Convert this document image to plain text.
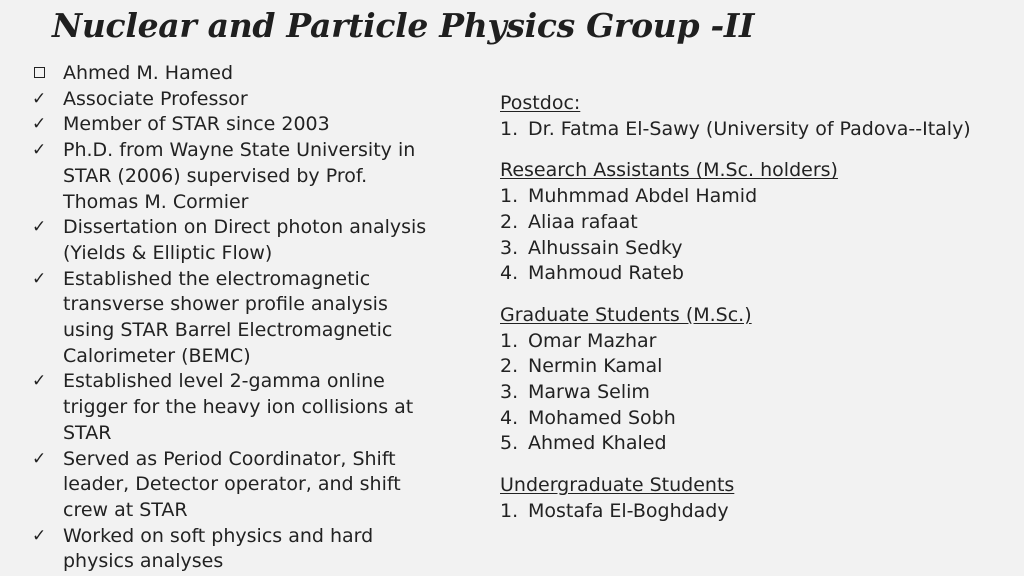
Nuclear and Particle Physics Group -II
Ahmed M. Hamed
✓ Associate Professor
✓ Member of STAR since 2003
✓ Ph.D. from Wayne State University in STAR (2006) supervised by Prof. Thomas M. Cormier
✓ Dissertation on Direct photon analysis (Yields & Elliptic Flow)
✓ Established the electromagnetic transverse shower profile analysis using STAR Barrel Electromagnetic Calorimeter (BEMC)
✓ Established level 2-gamma online trigger for the heavy ion collisions at STAR
✓ Served as Period Coordinator, Shift leader, Detector operator, and shift crew at STAR
✓ Worked on soft physics and hard physics analyses
Postdoc:
1. Dr. Fatma El-Sawy (University of Padova--Italy)
Research Assistants (M.Sc. holders)
1. Muhmmad Abdel Hamid
2. Aliaa rafaat
3. Alhussain Sedky
4. Mahmoud Rateb
Graduate Students (M.Sc.)
1. Omar Mazhar
2. Nermin Kamal
3. Marwa Selim
4. Mohamed Sobh
5. Ahmed Khaled
Undergraduate Students
1. Mostafa El-Boghdady
